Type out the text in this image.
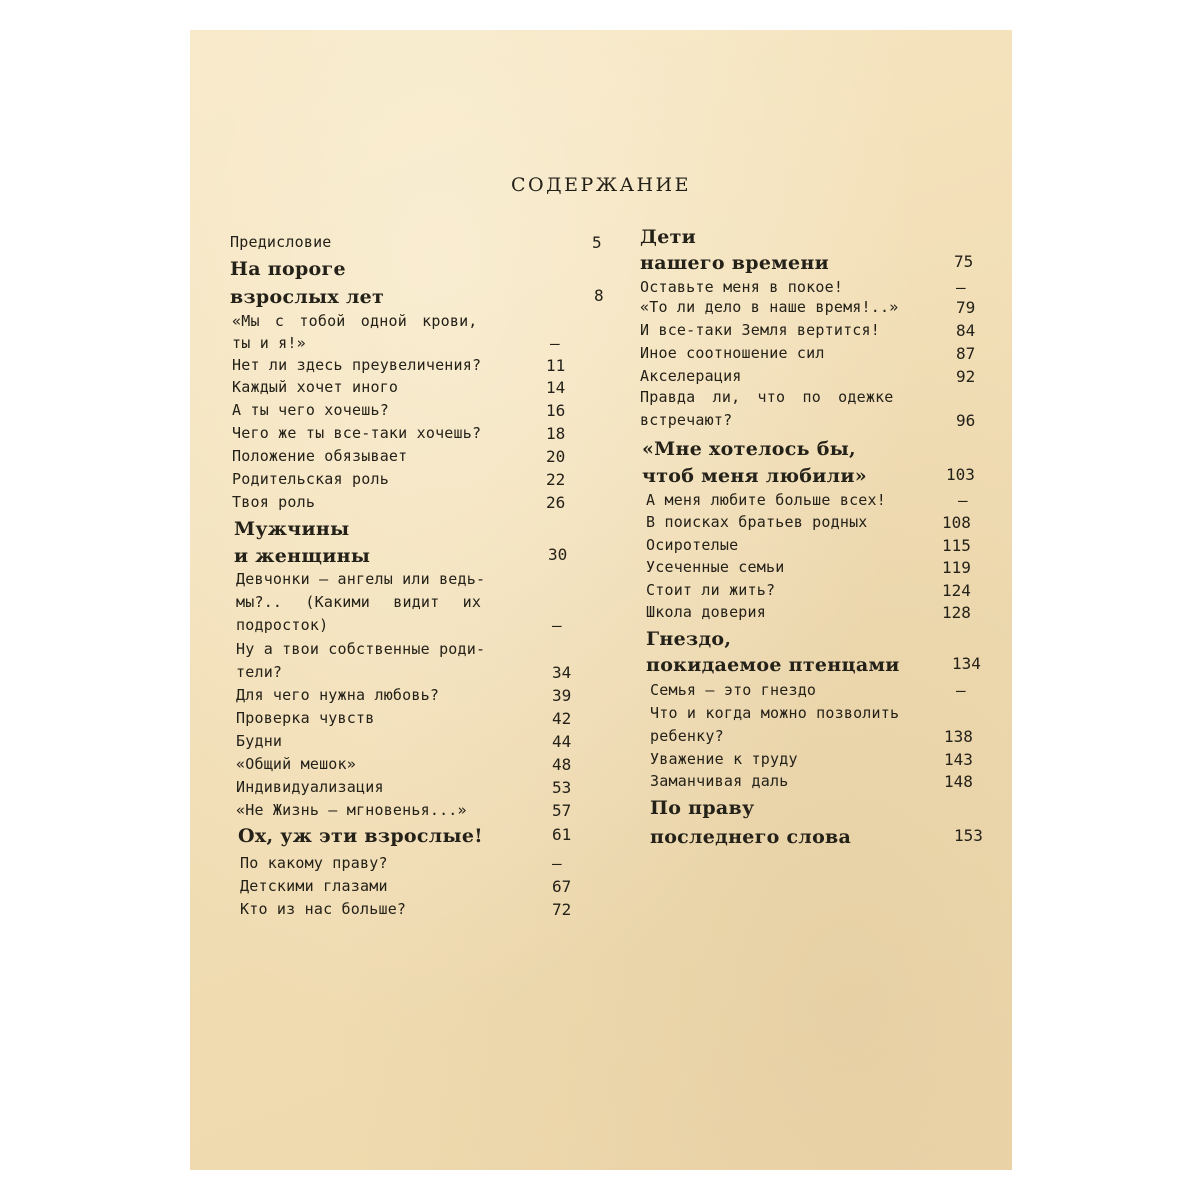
СОДЕРЖАНИЕ
Предисловие	5
На пороге
взрослых лет	8
«Мы с тобой одной крови,
ты и я!»	—
Нет ли здесь преувеличения?	11
Каждый хочет иного	14
А ты чего хочешь?	16
Чего же ты все-таки хочешь?	18
Положение обязывает	20
Родительская роль	22
Твоя роль	26
Мужчины
и женщины	30
Девчонки — ангелы или ведь-
мы?.. (Какими видит их
подросток)	—
Ну а твои собственные роди-
тели?	34
Для чего нужна любовь?	39
Проверка чувств	42
Будни	44
«Общий мешок»	48
Индивидуализация	53
«Не Жизнь — мгновенья...»	57
Ох, уж эти взрослые!	61
По какому праву?	—
Детскими глазами	67
Кто из нас больше?	72
Дети
нашего времени	75
Оставьте меня в покое!	—
«То ли дело в наше время!..»	79
И все-таки Земля вертится!	84
Иное соотношение сил	87
Акселерация	92
Правда ли, что по одежке
встречают?	96
«Мне хотелось бы,
чтоб меня любили»	103
А меня любите больше всех!	—
В поисках братьев родных	108
Осиротелые	115
Усеченные семьи	119
Стоит ли жить?	124
Школа доверия	128
Гнездо,
покидаемое птенцами	134
Семья — это гнездо	—
Что и когда можно позволить
ребенку?	138
Уважение к труду	143
Заманчивая даль	148
По праву
последнего слова	153
